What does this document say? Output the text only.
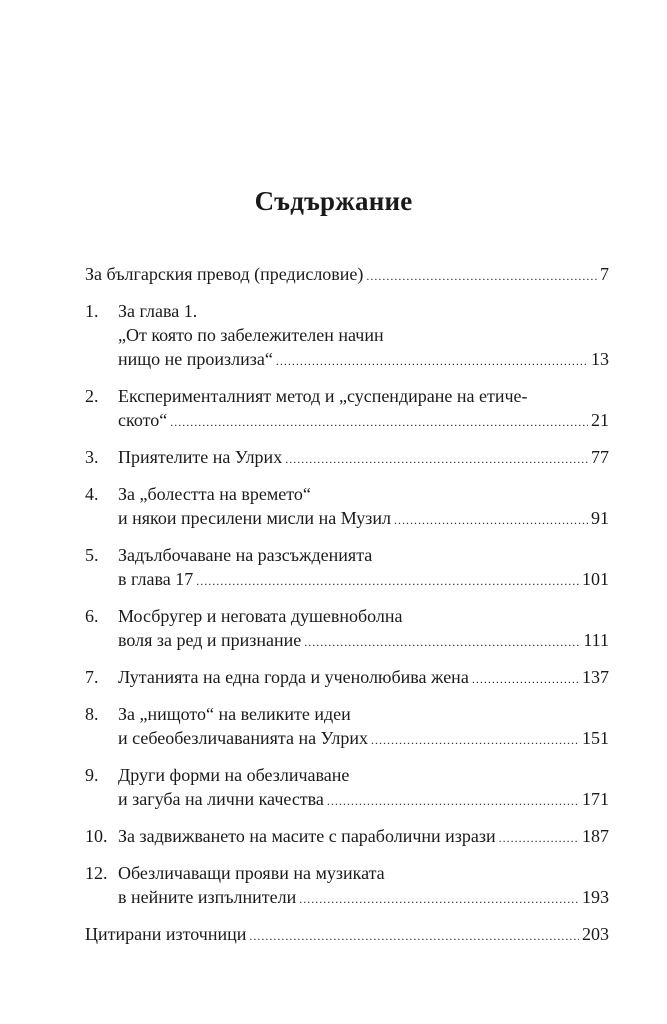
Съдържание
За българския превод (предисловие) .....	7
1.	За глава 1.
„От която по забележителен начин
нищо не произлиза“ .....	13
2.	Експерименталният метод и „суспендиране на етиче-
ското“ .....	21
3.	Приятелите на Улрих .....	77
4.	За „болестта на времето“
и някои пресилени мисли на Музил .....	91
5.	Задълбочаване на разсъжденията
в глава 17 .....	101
6.	Мосбругер и неговата душевноболна
воля за ред и признание .....	111
7.	Лутанията на една горда и ученолюбива жена .....	137
8.	За „нищото“ на великите идеи
и себеобезличаванията на Улрих .....	151
9.	Други форми на обезличаване
и загуба на лични качества .....	171
10. За задвижването на масите с параболични изрази .....	187
12. Обезличаващи прояви на музиката
в нейните изпълнители .....	193
Цитирани източници .....	203
